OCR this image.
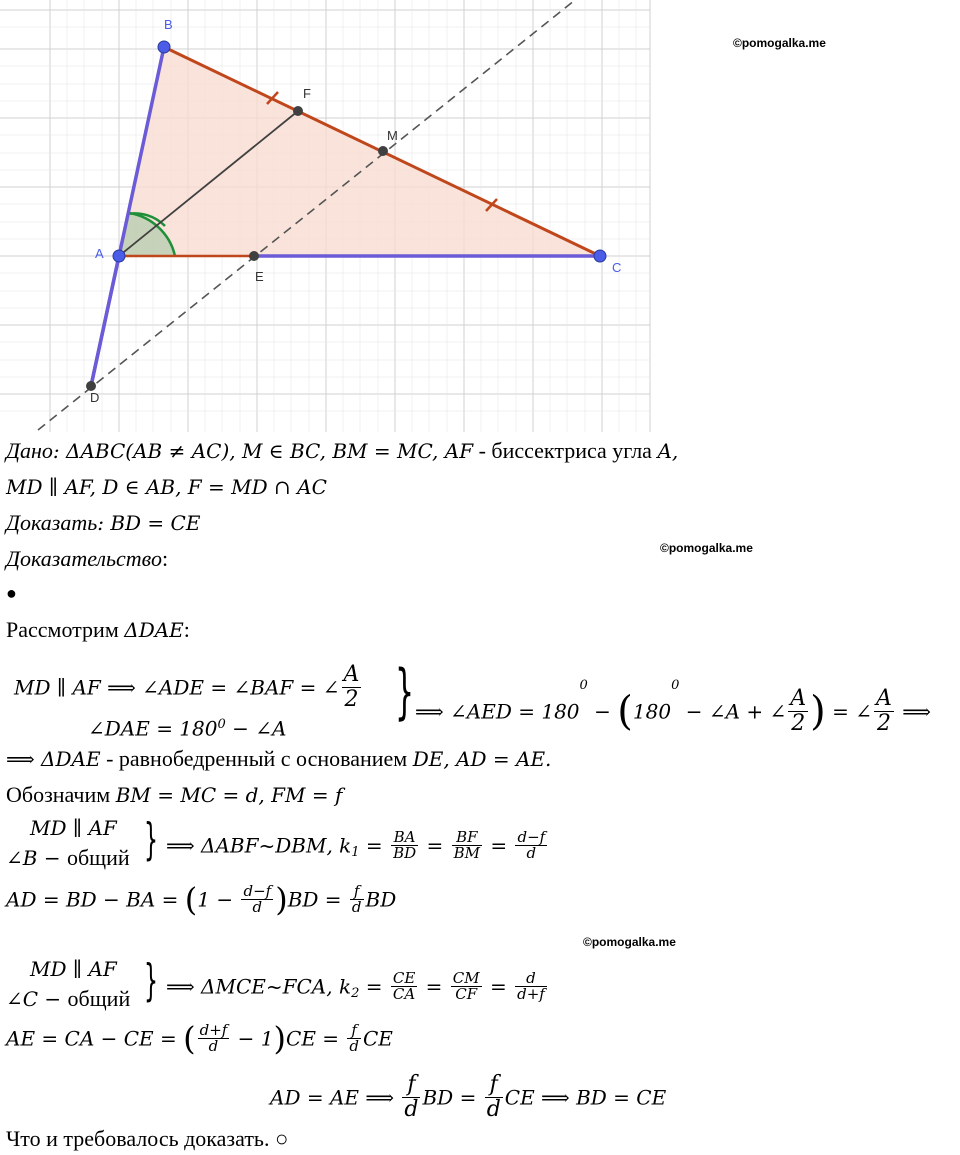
B
F
M
A
E
C
D
©pomogalka.me
©pomogalka.me
©pomogalka.me
Дано: ΔABC(AB ≠ AC), M ∈ BC, BM = MC, AF - биссектриса угла A,
MD ∥ AF, D ∈ AB, F = MD ∩ AC
Доказать: BD = CE
Доказательство:
●
Рассмотрим ΔDAE:
MD ∥ AF ⟹ ∠ADE = ∠BAF = ∠ $\frac{A}{2}$ } ⟹ ∠AED = $180^0 - (180^0$ − ∠A + ∠ $\frac{A}{2}$ ) = ∠ $\frac{A}{2}$ ⟹
∠DAE = $180^0$ − ∠A
⟹ ΔDAE - равнобедренный с основанием DE, AD = AE.
Обозначим BM = MC = d, FM = f
MD ∥ AF
∠B − общий } ⟹ ΔABF~DBM, $k_1 = \frac{BA}{BD} = \frac{BF}{BM} = \frac{d-f}{d}$
AD = BD − BA = $(1 - \frac{d-f}{d} )BD = \frac{f}{d}$ BD
MD ∥ AF
∠C − общий } ⟹ ΔMCE~FCA, $k_2 = \frac{CE}{CA} = \frac{CM}{CF} = \frac{d}{d+f}$
AE = CA − CE = ( $\frac{d+f}{d} - 1)CE = \frac{f}{d}$ CE
AD = AE ⟹ $\frac{f}{d}$ BD = $\frac{f}{d}$ CE ⟹ BD = CE
Что и требовалось доказать. ○
